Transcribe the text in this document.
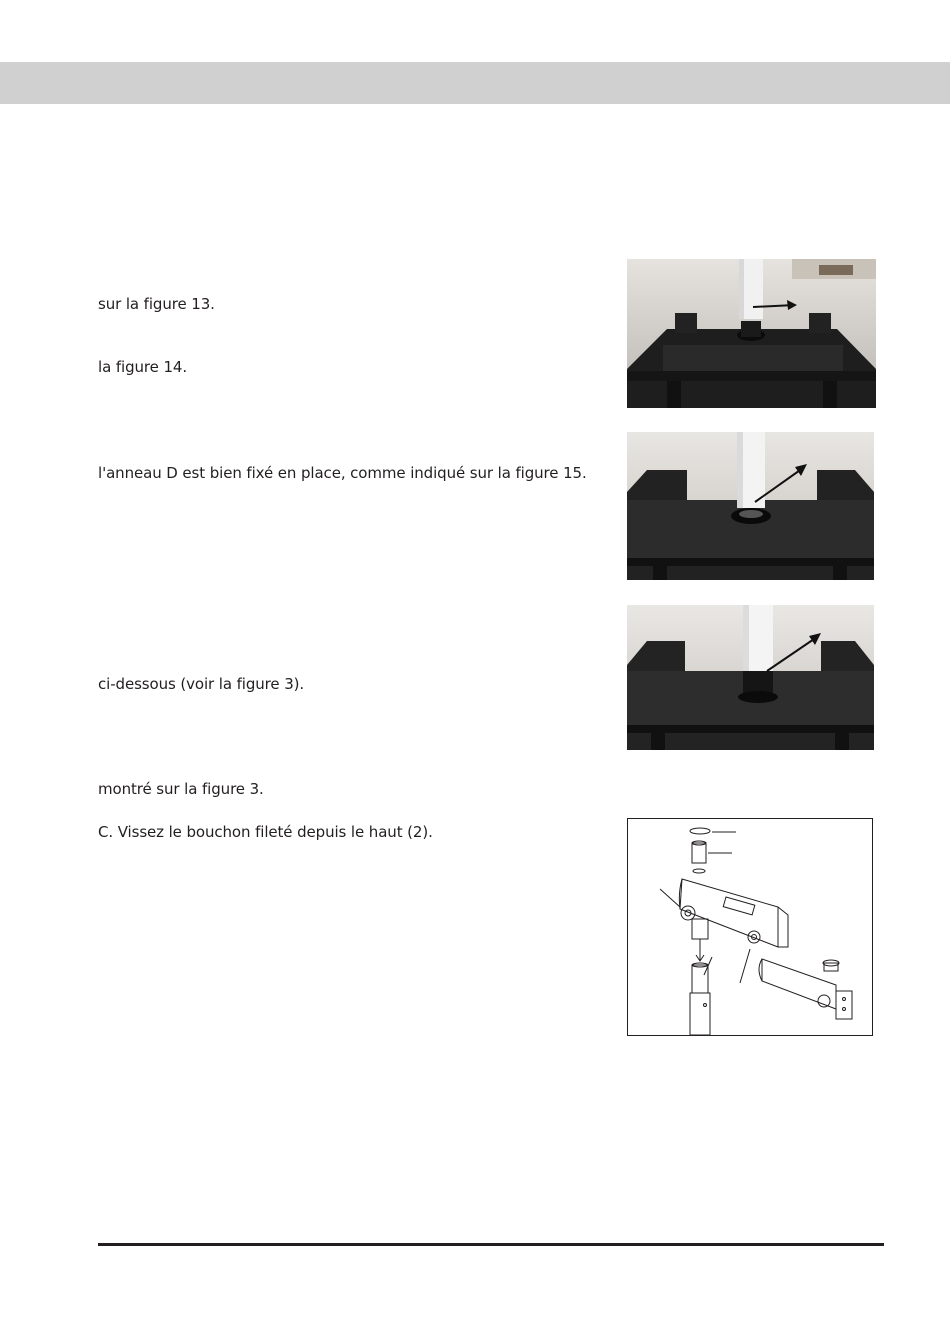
sur la figure 13.

la figure 14.

l'anneau D est bien fixé en place, comme indiqué sur la figure 15.

ci-dessous (voir la figure 3).

montré sur la figure 3.

C. Vissez le bouchon fileté depuis le haut (2).
